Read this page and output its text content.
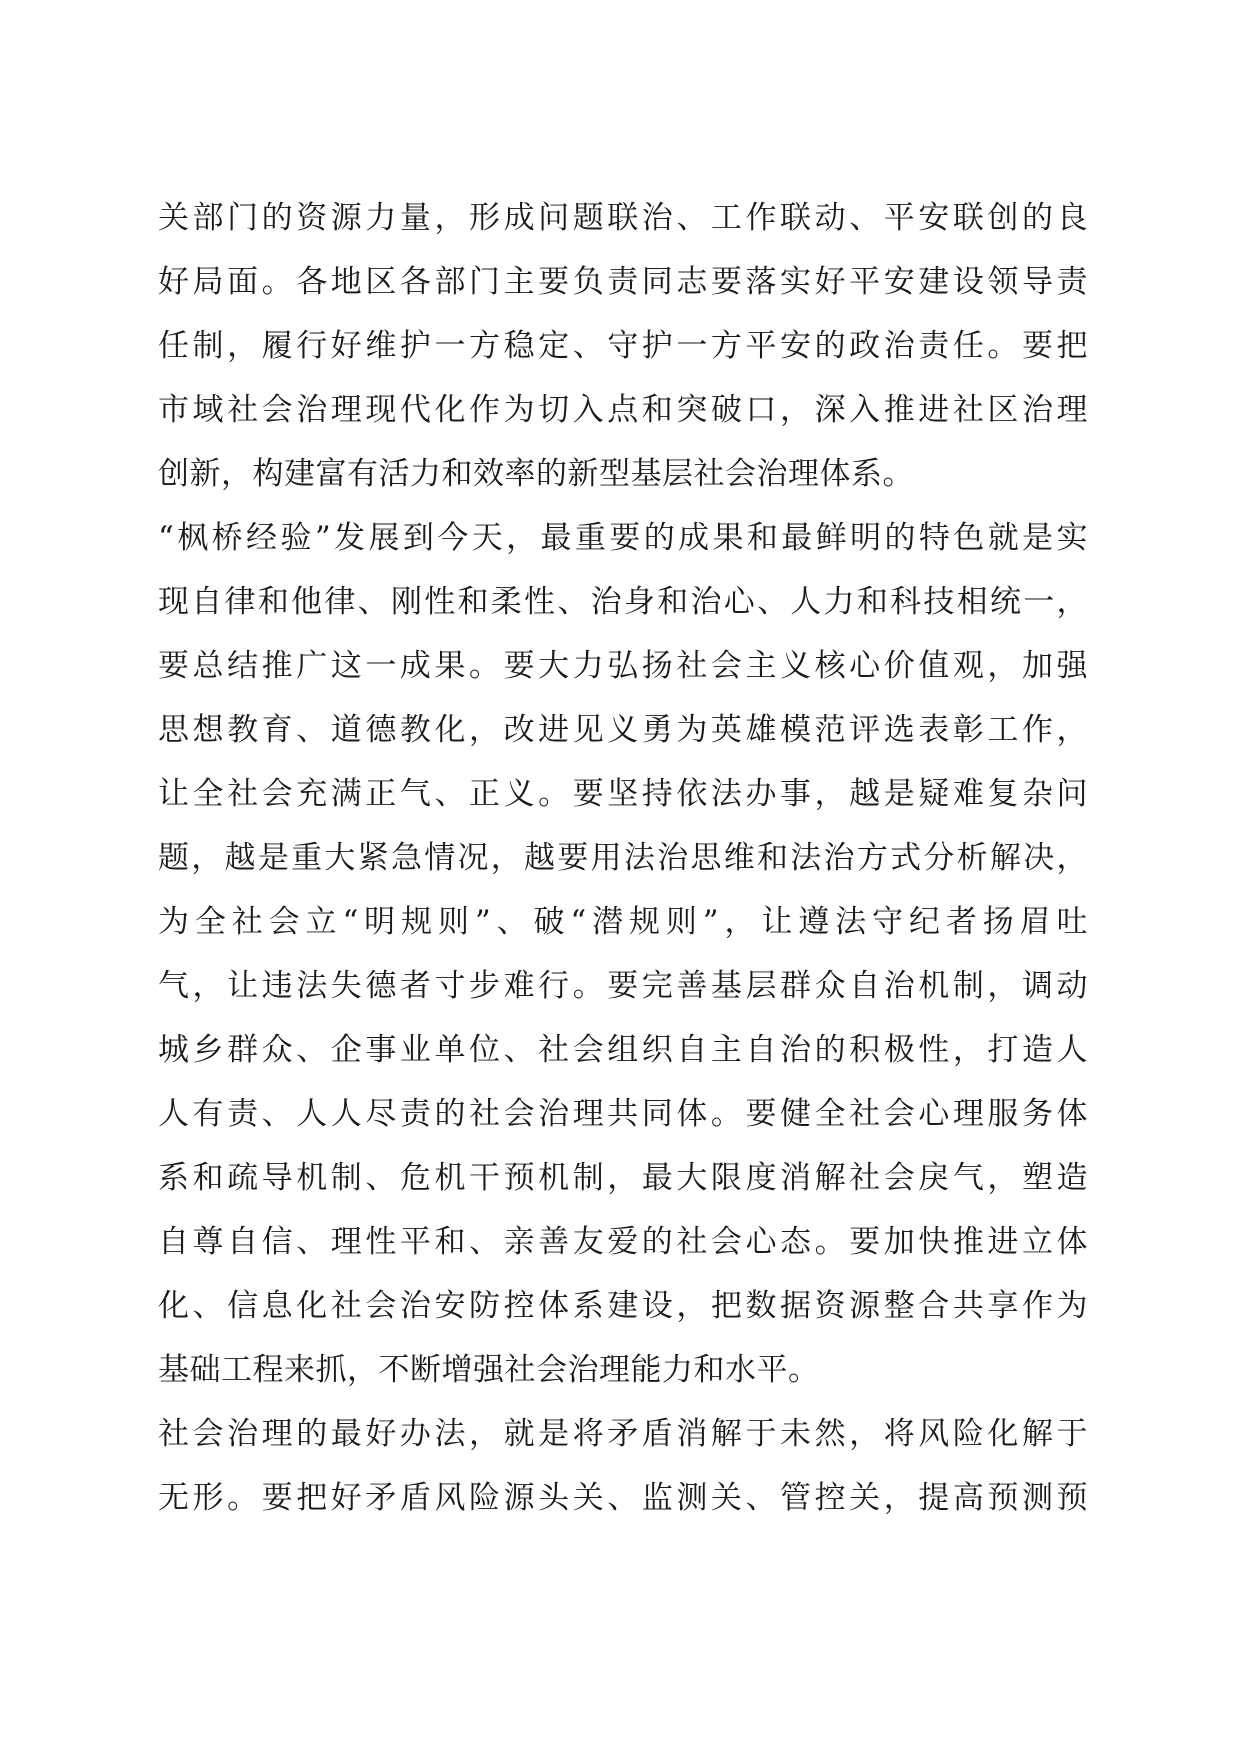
关部门的资源力量，形成问题联治、工作联动、平安联创的良
好局面。各地区各部门主要负责同志要落实好平安建设领导责
任制，履行好维护一方稳定、守护一方平安的政治责任。要把
市域社会治理现代化作为切入点和突破口，深入推进社区治理
创新，构建富有活力和效率的新型基层社会治理体系。
“枫桥经验”发展到今天，最重要的成果和最鲜明的特色就是实
现自律和他律、刚性和柔性、治身和治心、人力和科技相统一，
要总结推广这一成果。要大力弘扬社会主义核心价值观，加强
思想教育、道德教化，改进见义勇为英雄模范评选表彰工作，
让全社会充满正气、正义。要坚持依法办事，越是疑难复杂问
题，越是重大紧急情况，越要用法治思维和法治方式分析解决，
为全社会立“明规则”、破“潜规则”，让遵法守纪者扬眉吐
气，让违法失德者寸步难行。要完善基层群众自治机制，调动
城乡群众、企事业单位、社会组织自主自治的积极性，打造人
人有责、人人尽责的社会治理共同体。要健全社会心理服务体
系和疏导机制、危机干预机制，最大限度消解社会戾气，塑造
自尊自信、理性平和、亲善友爱的社会心态。要加快推进立体
化、信息化社会治安防控体系建设，把数据资源整合共享作为
基础工程来抓，不断增强社会治理能力和水平。
社会治理的最好办法，就是将矛盾消解于未然，将风险化解于
无形。要把好矛盾风险源头关、监测关、管控关，提高预测预
